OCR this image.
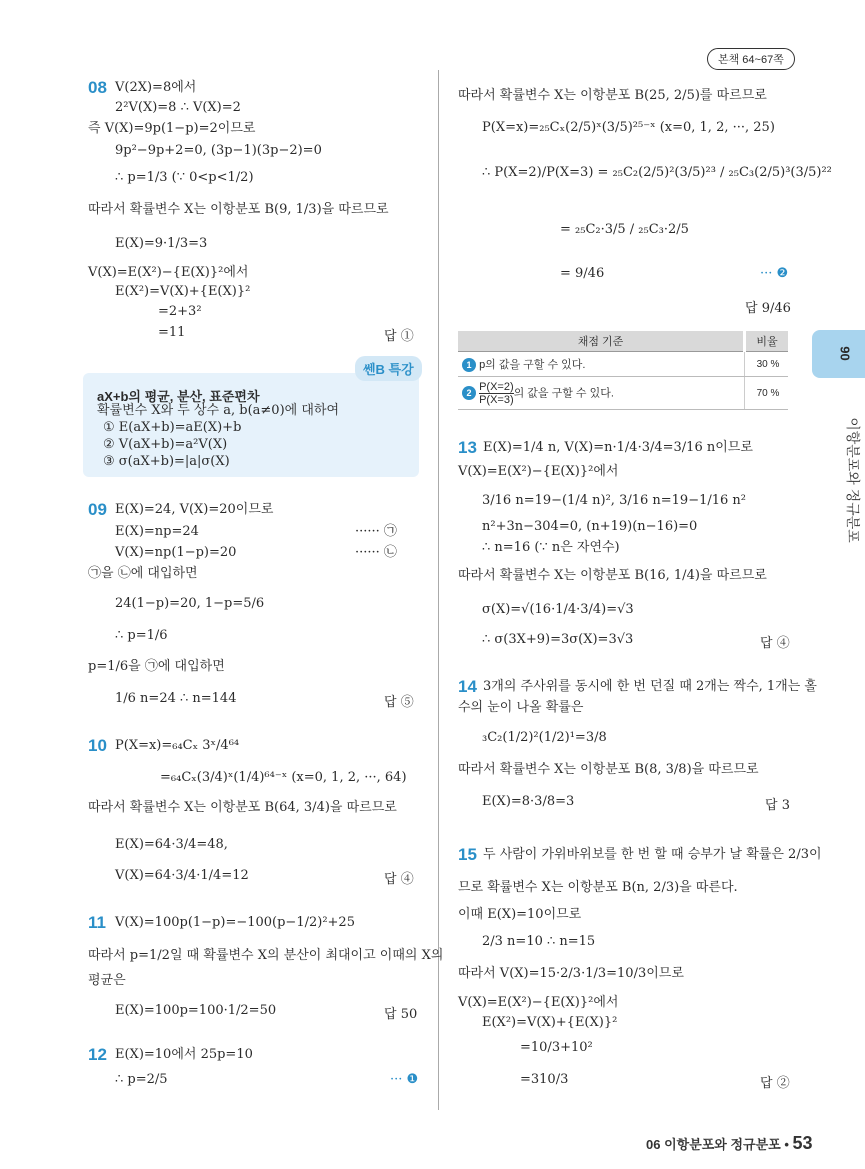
본책 64~67쪽
90
이항분포와 정규분포
08 V(2X)=8에서
2²V(X)=8 ∴ V(X)=2
즉 V(X)=9p(1−p)=2이므로
9p²−9p+2=0, (3p−1)(3p−2)=0
∴ p=1/3 (∵ 0<p<1/2)
따라서 확률변수 X는 이항분포 B(9, 1/3)을 따르므로
E(X)=9·1/3=3
V(X)=E(X²)−{E(X)}²에서
E(X²)=V(X)+{E(X)}²
=2+3²
=11	답 ①
쎈B 특강
aX+b의 평균, 분산, 표준편차
확률변수 X와 두 상수 a, b(a≠0)에 대하여
① E(aX+b)=aE(X)+b
② V(aX+b)=a²V(X)
③ σ(aX+b)=|a|σ(X)
09 E(X)=24, V(X)=20이므로
E(X)=np=24	······ ㉠
V(X)=np(1−p)=20	······ ㉡
㉠을 ㉡에 대입하면
24(1−p)=20, 1−p=5/6
∴ p=1/6
p=1/6을 ㉠에 대입하면
1/6 n=24 ∴ n=144	답 ⑤
10 P(X=x)=₆₄Cₓ 3ˣ/4⁶⁴
=₆₄Cₓ(3/4)ˣ(1/4)⁶⁴⁻ˣ (x=0, 1, 2, ···, 64)
따라서 확률변수 X는 이항분포 B(64, 3/4)을 따르므로
E(X)=64·3/4=48,
V(X)=64·3/4·1/4=12	답 ④
11 V(X)=100p(1−p)=−100(p−1/2)²+25
따라서 p=1/2일 때 확률변수 X의 분산이 최대이고 이때의 X의
평균은
E(X)=100p=100·1/2=50	답 50
12 E(X)=10에서 25p=10
∴ p=2/5	··· ❶
따라서 확률변수 X는 이항분포 B(25, 2/5)를 따르므로
P(X=x)=₂₅Cₓ(2/5)ˣ(3/5)²⁵⁻ˣ (x=0, 1, 2, ···, 25)
∴ P(X=2)/P(X=3) = ₂₅C₂(2/5)²(3/5)²³ / ₂₅C₃(2/5)³(3/5)²²
= ₂₅C₂·3/5 / ₂₅C₃·2/5
= 9/46	··· ❷
답 9/46
채점 기준	비율
1 p의 값을 구할 수 있다.	30 %
$2 \frac{P(X=2)}{P(X=3)}$ 의 값을 구할 수 있다.	70 %
13 E(X)=1/4 n, V(X)=n·1/4·3/4=3/16 n이므로
V(X)=E(X²)−{E(X)}²에서
3/16 n=19−(1/4 n)², 3/16 n=19−1/16 n²
n²+3n−304=0, (n+19)(n−16)=0
∴ n=16 (∵ n은 자연수)
따라서 확률변수 X는 이항분포 B(16, 1/4)을 따르므로
σ(X)=√(16·1/4·3/4)=√3
∴ σ(3X+9)=3σ(X)=3√3	답 ④
14 3개의 주사위를 동시에 한 번 던질 때 2개는 짝수, 1개는 홀
수의 눈이 나올 확률은
₃C₂(1/2)²(1/2)¹=3/8
따라서 확률변수 X는 이항분포 B(8, 3/8)을 따르므로
E(X)=8·3/8=3	답 3
15 두 사람이 가위바위보를 한 번 할 때 승부가 날 확률은 2/3이
므로 확률변수 X는 이항분포 B(n, 2/3)을 따른다.
이때 E(X)=10이므로
2/3 n=10 ∴ n=15
따라서 V(X)=15·2/3·1/3=10/3이므로
V(X)=E(X²)−{E(X)}²에서
E(X²)=V(X)+{E(X)}²
=10/3+10²
=310/3	답 ②
06 이항분포와 정규분포 • 53
